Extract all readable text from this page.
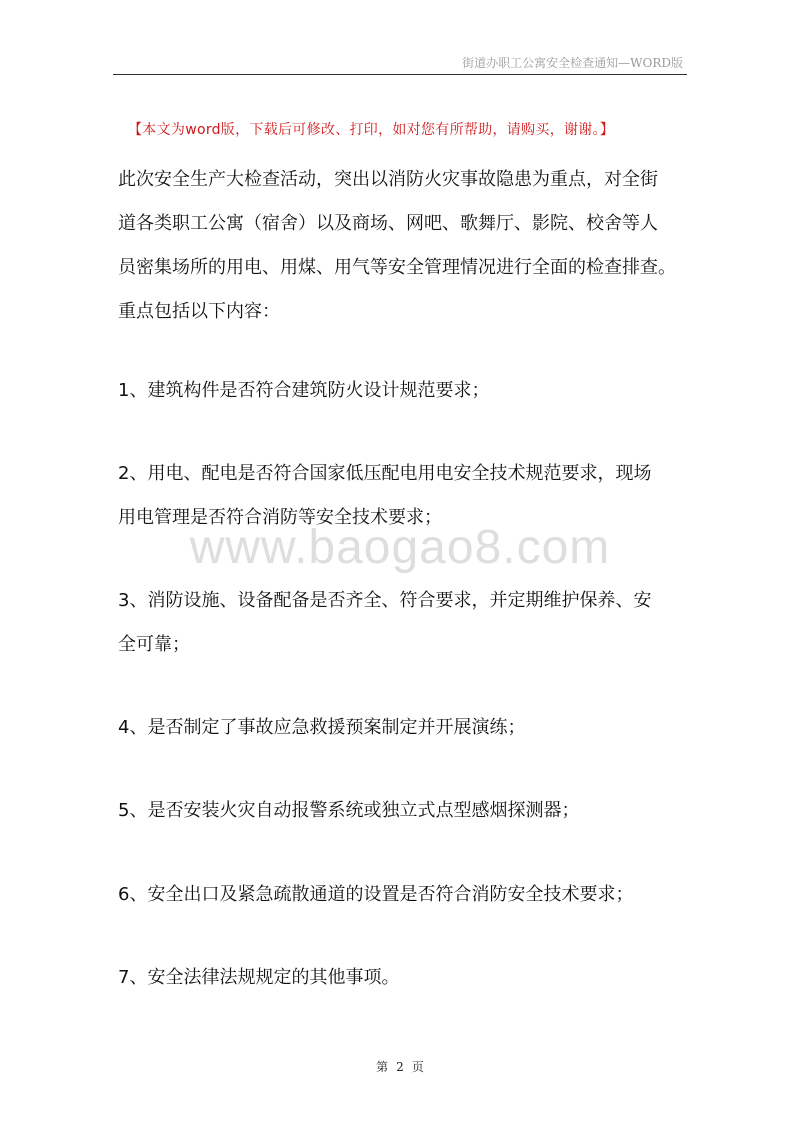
街道办职工公寓安全检查通知—WORD版
【本文为word版，下载后可修改、打印，如对您有所帮助，请购买，谢谢。】

此次安全生产大检查活动，突出以消防火灾事故隐患为重点，对全街

道各类职工公寓（宿舍）以及商场、网吧、歌舞厅、影院、校舍等人

员密集场所的用电、用煤、用气等安全管理情况进行全面的检查排查。

重点包括以下内容：

1、建筑构件是否符合建筑防火设计规范要求；

2、用电、配电是否符合国家低压配电用电安全技术规范要求，现场

用电管理是否符合消防等安全技术要求；

3、消防设施、设备配备是否齐全、符合要求，并定期维护保养、安

全可靠；

4、是否制定了事故应急救援预案制定并开展演练；

5、是否安装火灾自动报警系统或独立式点型感烟探测器；

6、安全出口及紧急疏散通道的设置是否符合消防安全技术要求；

7、安全法律法规规定的其他事项。

www.baogao8.com
第 2 页
